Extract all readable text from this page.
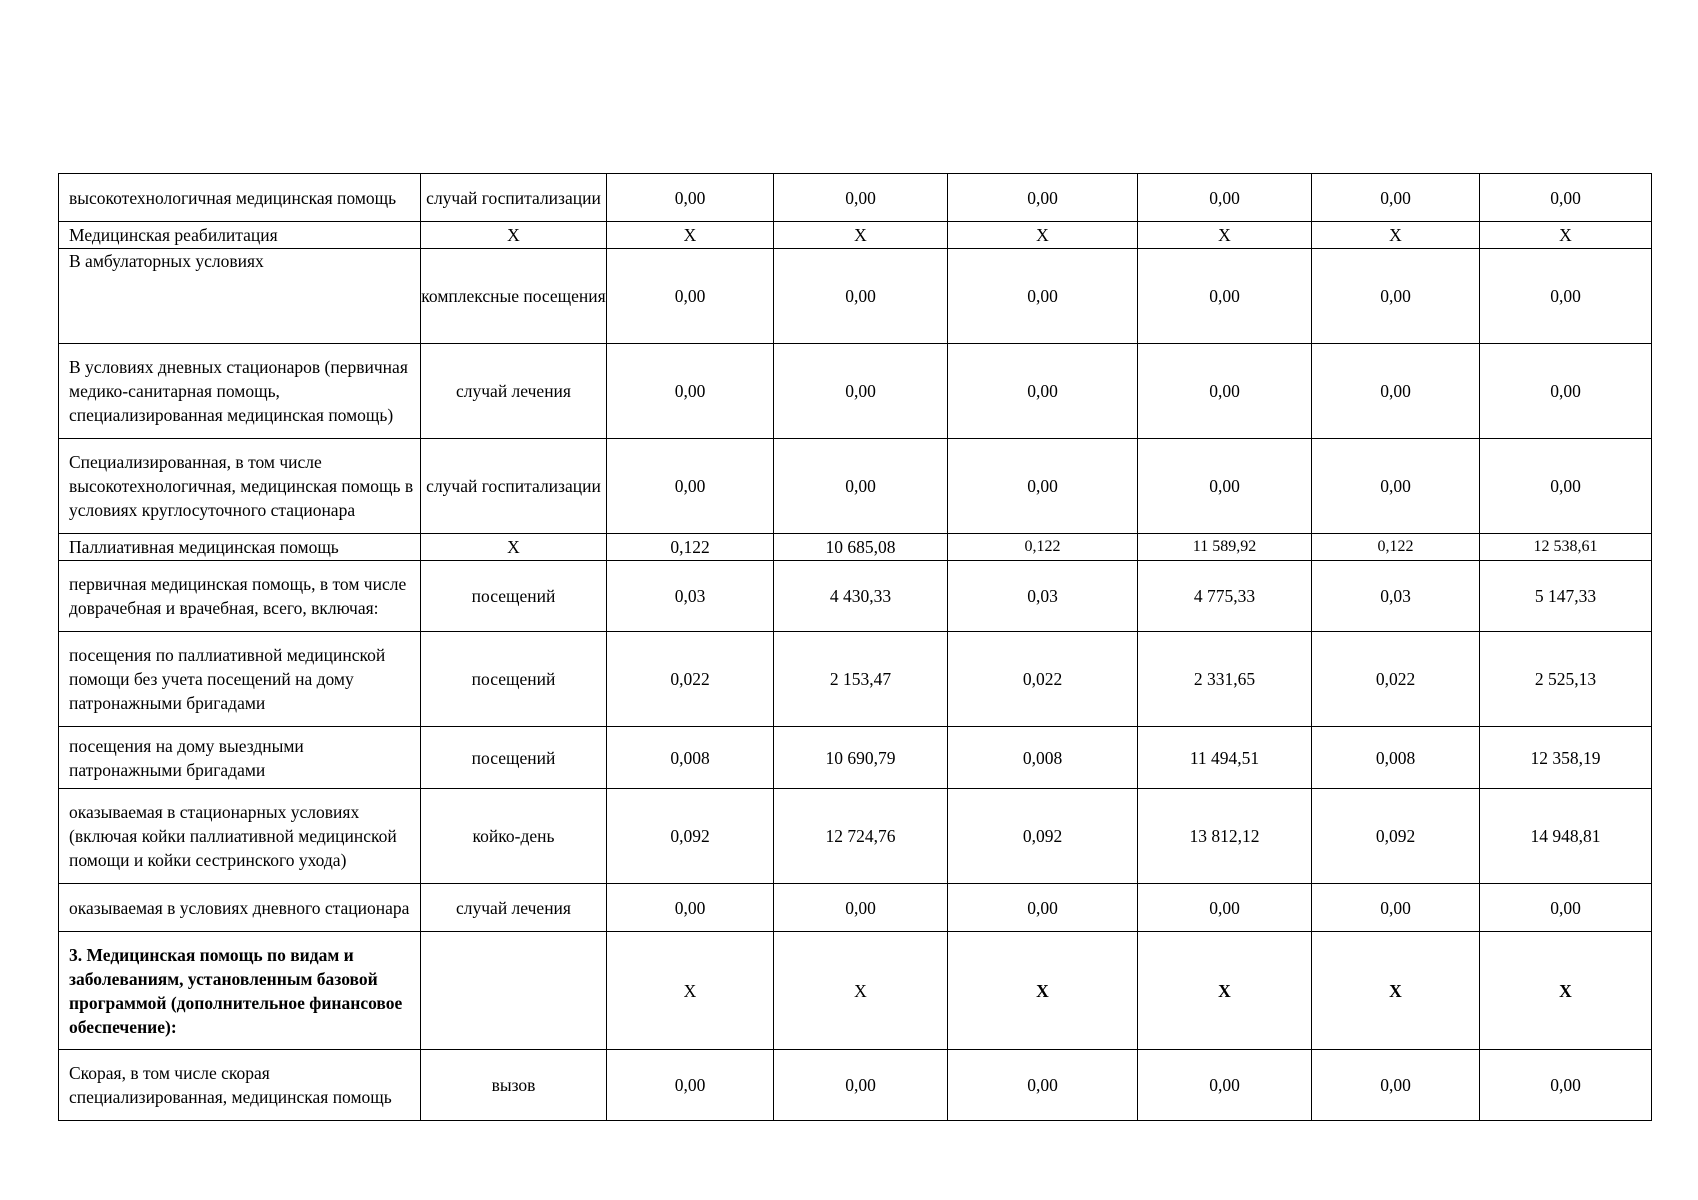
высокотехнологичная медицинская помощь	случай госпитализации	0,00	0,00	0,00	0,00	0,00	0,00
Медицинская реабилитация	Х	Х	Х	Х	Х	Х	Х
В амбулаторных условиях	комплексные посещения	0,00	0,00	0,00	0,00	0,00	0,00
В условиях дневных стационаров (первичная медико-санитарная помощь, специализированная медицинская помощь)	случай лечения	0,00	0,00	0,00	0,00	0,00	0,00
Специализированная, в том числе высокотехнологичная, медицинская помощь в условиях круглосуточного стационара	случай госпитализации	0,00	0,00	0,00	0,00	0,00	0,00
Паллиативная медицинская помощь	Х	0,122	10 685,08	0,122	11 589,92	0,122	12 538,61
первичная медицинская помощь, в том числе доврачебная и врачебная, всего, включая:	посещений	0,03	4 430,33	0,03	4 775,33	0,03	5 147,33
посещения по паллиативной медицинской помощи без учета посещений на дому патронажными бригадами	посещений	0,022	2 153,47	0,022	2 331,65	0,022	2 525,13
посещения на дому выездными патронажными бригадами	посещений	0,008	10 690,79	0,008	11 494,51	0,008	12 358,19
оказываемая в стационарных условиях (включая койки паллиативной медицинской помощи и койки сестринского ухода)	койко-день	0,092	12 724,76	0,092	13 812,12	0,092	14 948,81
оказываемая в условиях дневного стационара	случай лечения	0,00	0,00	0,00	0,00	0,00	0,00
3. Медицинская помощь по видам и заболеваниям, установленным базовой программой (дополнительное финансовое обеспечение):		Х	Х	Х	Х	Х	Х
Скорая, в том числе скорая специализированная, медицинская помощь	вызов	0,00	0,00	0,00	0,00	0,00	0,00
